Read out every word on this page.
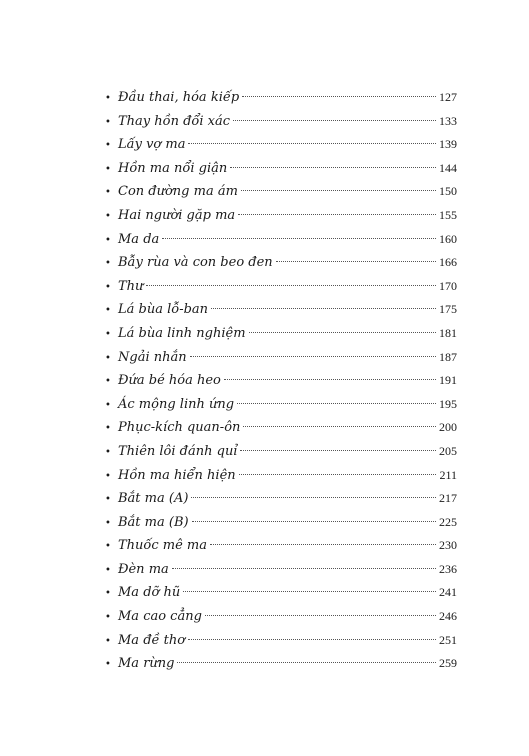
• Đầu thai, hóa kiếp	127
• Thay hồn đổi xác	133
• Lấy vợ ma	139
• Hồn ma nổi giận	144
• Con đường ma ám	150
• Hai người gặp ma	155
• Ma da	160
• Bẫy rùa và con beo đen	166
• Thư	170
• Lá bùa lỗ-ban	175
• Lá bùa linh nghiệm	181
• Ngải nhắn	187
• Đứa bé hóa heo	191
• Ác mộng linh ứng	195
• Phục-kích quan-ôn	200
• Thiên lôi đánh quỉ	205
• Hồn ma hiển hiện	211
• Bắt ma (A)	217
• Bắt ma (B)	225
• Thuốc mê ma	230
• Đèn ma	236
• Ma dỡ hũ	241
• Ma cao cẳng	246
• Ma đề thơ	251
• Ma rừng	259
